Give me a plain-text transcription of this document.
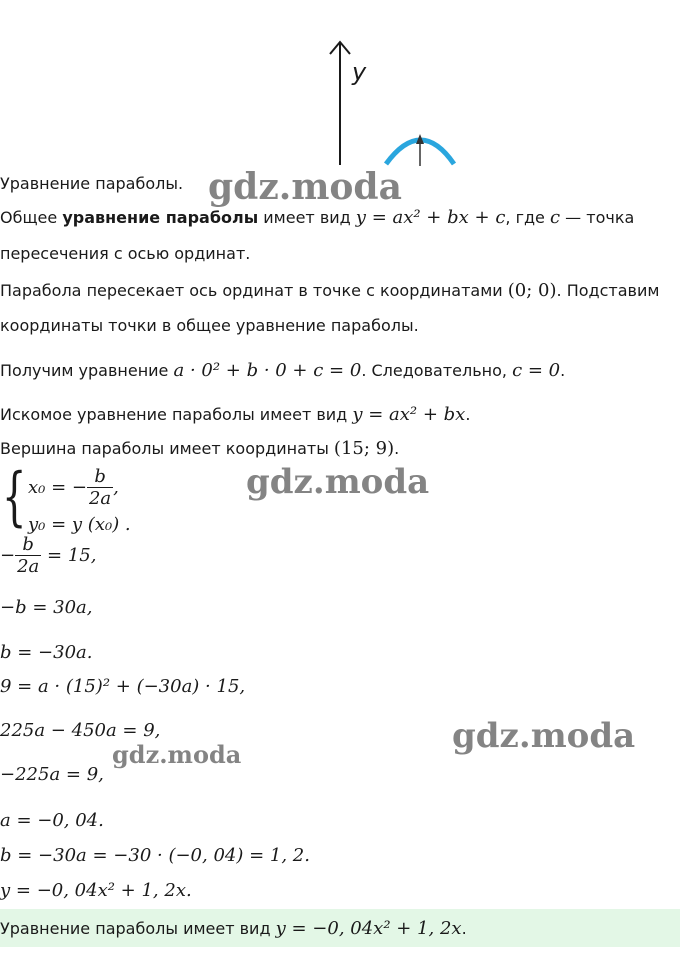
y
Уравнение параболы.
Общее уравнение параболы имеет вид y = ax² + bx + c, где c — точка
пересечения с осью ординат.
Парабола пересекает ось ординат в точке с координатами (0; 0). Подставим
координаты точки в общее уравнение параболы.
Получим уравнение a · 0² + b · 0 + c = 0. Следовательно, c = 0.
Искомое уравнение параболы имеет вид y = ax² + bx.
Вершина параболы имеет координаты (15; 9).
{ x₀ = − $\frac{b}{2a}$ ,
y₀ = y (x₀) .
− $\frac{b}{2a} = 15$,
−b = 30a,
b = −30a.
9 = a · (15)² + (−30a) · 15,
225a − 450a = 9,
−225a = 9,
a = −0, 04.
b = −30a = −30 · (−0, 04) = 1, 2.
y = −0, 04x² + 1, 2x.
Уравнение параболы имеет вид y = −0, 04x² + 1, 2x.
gdz.moda
gdz.moda
gdz.moda
gdz.moda
